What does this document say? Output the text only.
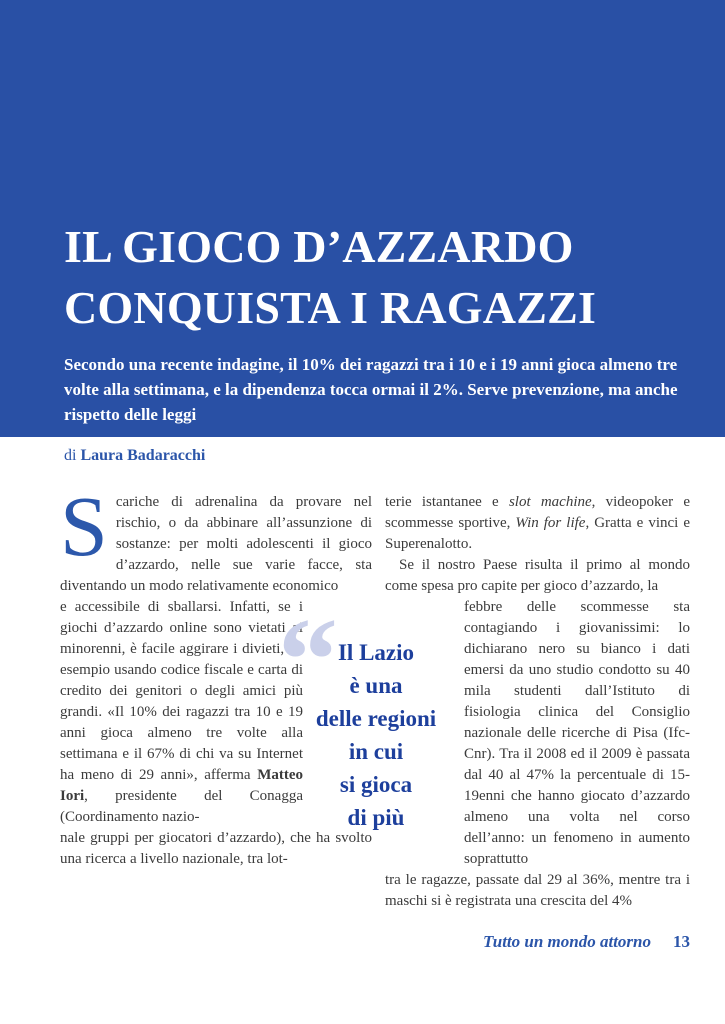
IL GIOCO D’AZZARDO
CONQUISTA I RAGAZZI

Secondo una recente indagine, il 10% dei ragazzi tra i 10 e i 19 anni gioca almeno tre volte alla settimana, e la dipendenza tocca ormai il 2%. Serve prevenzione, ma anche rispetto delle leggi

di Laura Badaracchi

Scariche di adrenalina da provare nel rischio, o da abbinare all’assunzione di sostanze: per molti adolescenti il gioco d’azzardo, nelle sue varie facce, sta diventando un modo relativamente economico

e accessibile di sballarsi. Infatti, se i giochi d’azzardo online sono vietati ai minorenni, è facile aggirare i divieti, ad esempio usando codice fiscale e carta di credito dei genitori o degli amici più grandi. «Il 10% dei ragazzi tra 10 e 19 anni gioca almeno tre volte alla settimana e il 67% di chi va su Internet ha meno di 29 anni», afferma Matteo Iori, presidente del Conagga (Coordinamento nazio-

nale gruppi per giocatori d’azzardo), che ha svolto una ricerca a livello nazionale, tra lot-

terie istantanee e slot machine, videopoker e scommesse sportive, Win for life, Gratta e vinci e Superenalotto.

Se il nostro Paese risulta il primo al mondo come spesa pro capite per gioco d’azzardo, la

febbre delle scommesse sta contagiando i giovanissimi: lo dichiarano nero su bianco i dati emersi da uno studio condotto su 40 mila studenti dall’Istituto di fisiologia clinica del Consiglio nazionale delle ricerche di Pisa (Ifc-Cnr). Tra il 2008 ed il 2009 è passata dal 40 al 47% la percentuale di 15-19enni che hanno giocato d’azzardo almeno una volta nel corso dell’anno: un fenomeno in aumento soprattutto

tra le ragazze, passate dal 29 al 36%, mentre tra i maschi si è registrata una crescita del 4%

“ Il Lazio
è una
delle regioni
in cui
si gioca
di più
Tutto un mondo attorno 13
